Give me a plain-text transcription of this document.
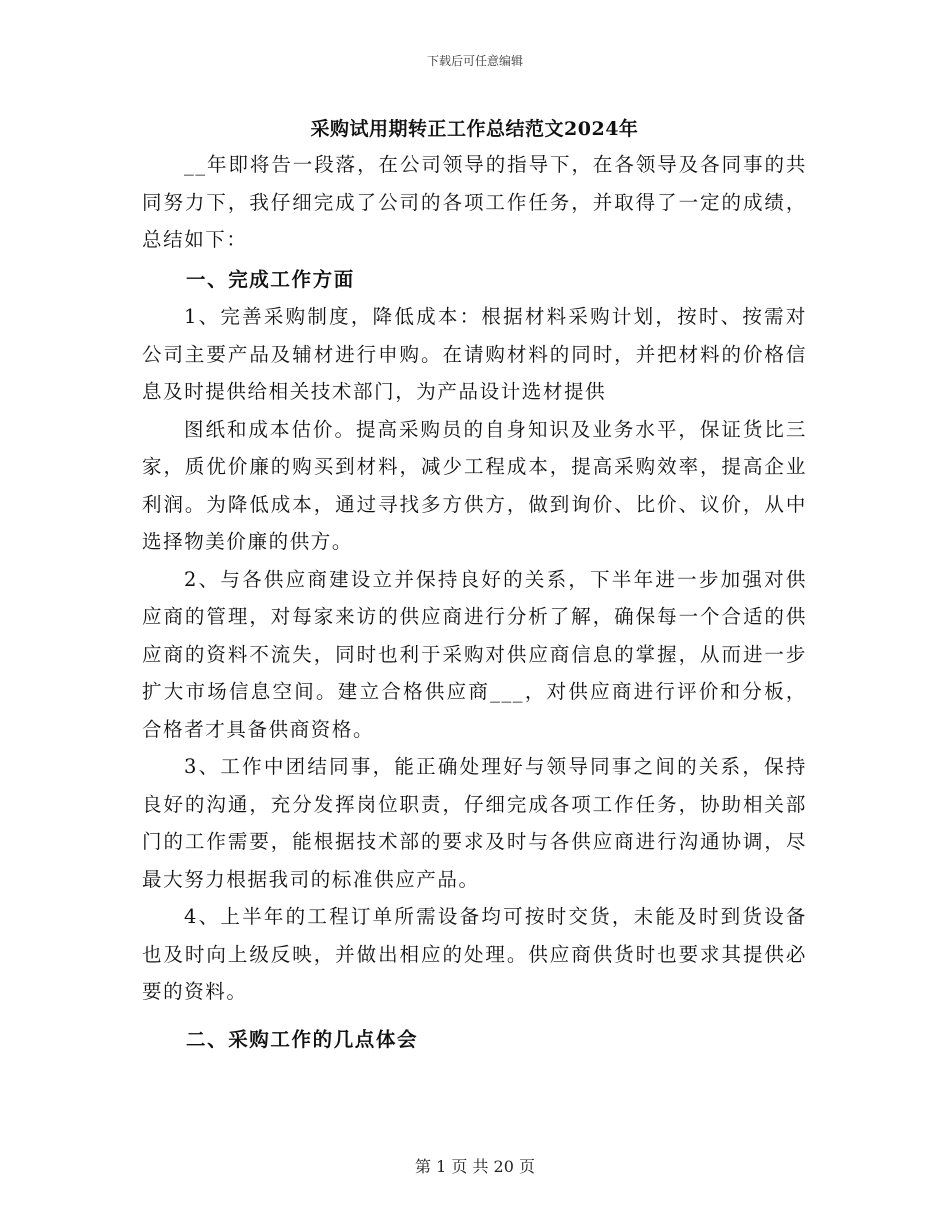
下载后可任意编辑
采购试用期转正工作总结范文2024年

__年即将告一段落，在公司领导的指导下，在各领导及各同事的共同努力下，我仔细完成了公司的各项工作任务，并取得了一定的成绩，总结如下：

一、完成工作方面

1、完善采购制度，降低成本：根据材料采购计划，按时、按需对公司主要产品及辅材进行申购。在请购材料的同时，并把材料的价格信息及时提供给相关技术部门，为产品设计选材提供

图纸和成本估价。提高采购员的自身知识及业务水平，保证货比三家，质优价廉的购买到材料，减少工程成本，提高采购效率，提高企业利润。为降低成本，通过寻找多方供方，做到询价、比价、议价，从中选择物美价廉的供方。

2、与各供应商建设立并保持良好的关系，下半年进一步加强对供应商的管理，对每家来访的供应商进行分析了解，确保每一个合适的供应商的资料不流失，同时也利于采购对供应商信息的掌握，从而进一步扩大市场信息空间。建立合格供应商___，对供应商进行评价和分板，合格者才具备供商资格。

3、工作中团结同事，能正确处理好与领导同事之间的关系，保持良好的沟通，充分发挥岗位职责，仔细完成各项工作任务，协助相关部门的工作需要，能根据技术部的要求及时与各供应商进行沟通协调，尽最大努力根据我司的标准供应产品。

4、上半年的工程订单所需设备均可按时交货，未能及时到货设备也及时向上级反映，并做出相应的处理。供应商供货时也要求其提供必要的资料。

二、采购工作的几点体会

第 1 页 共 20 页
